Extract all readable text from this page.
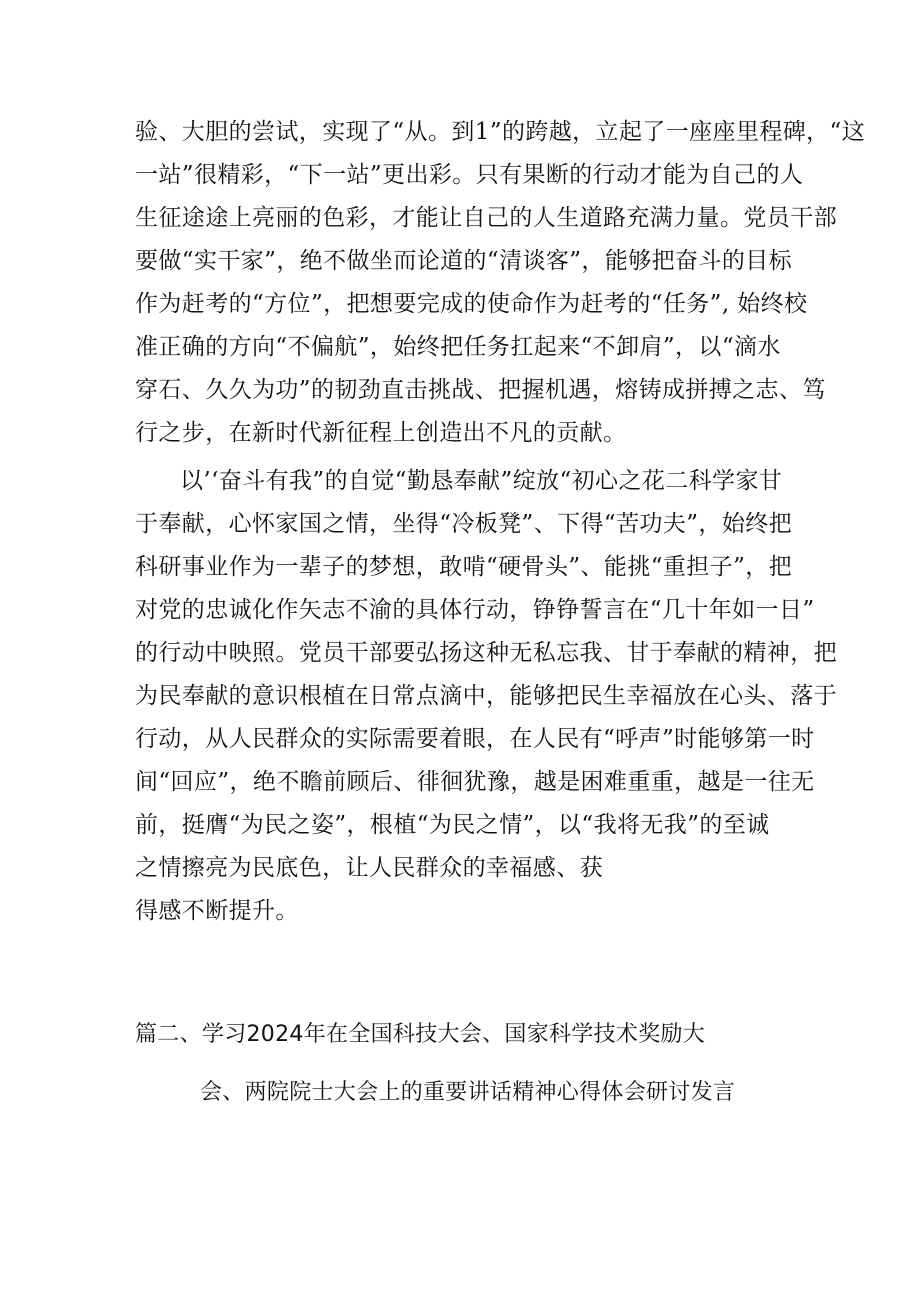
验、大胆的尝试，实现了“从。到1”的跨越，立起了一座座里程碑，“这
一站”很精彩，“下一站”更出彩。只有果断的行动才能为自己的人
生征途途上亮丽的色彩，才能让自己的人生道路充满力量。党员干部
要做“实干家”，绝不做坐而论道的“清谈客”，能够把奋斗的目标
作为赶考的“方位”，把想要完成的使命作为赶考的“任务”, 始终校
准正确的方向“不偏航”，始终把任务扛起来“不卸肩”，以“滴水
穿石、久久为功”的韧劲直击挑战、把握机遇，熔铸成拼搏之志、笃
行之步，在新时代新征程上创造出不凡的贡献。
以’‘奋斗有我”的自觉“勤恳奉献”绽放“初心之花二科学家甘
于奉献，心怀家国之情，坐得“冷板凳”、下得“苦功夫”，始终把
科研事业作为一辈子的梦想，敢啃“硬骨头”、能挑“重担子”，把
对党的忠诚化作矢志不渝的具体行动，铮铮誓言在“几十年如一日”
的行动中映照。党员干部要弘扬这种无私忘我、甘于奉献的精神，把
为民奉献的意识根植在日常点滴中，能够把民生幸福放在心头、落于
行动，从人民群众的实际需要着眼，在人民有“呼声”时能够第一时
间“回应”，绝不瞻前顾后、徘徊犹豫，越是困难重重，越是一往无
前，挺膺“为民之姿”，根植“为民之情”，以“我将无我”的至诚
之情擦亮为民底色，让人民群众的幸福感、获
得感不断提升。
篇二、学习2024年在全国科技大会、国家科学技术奖励大
会、两院院士大会上的重要讲话精神心得体会研讨发言
